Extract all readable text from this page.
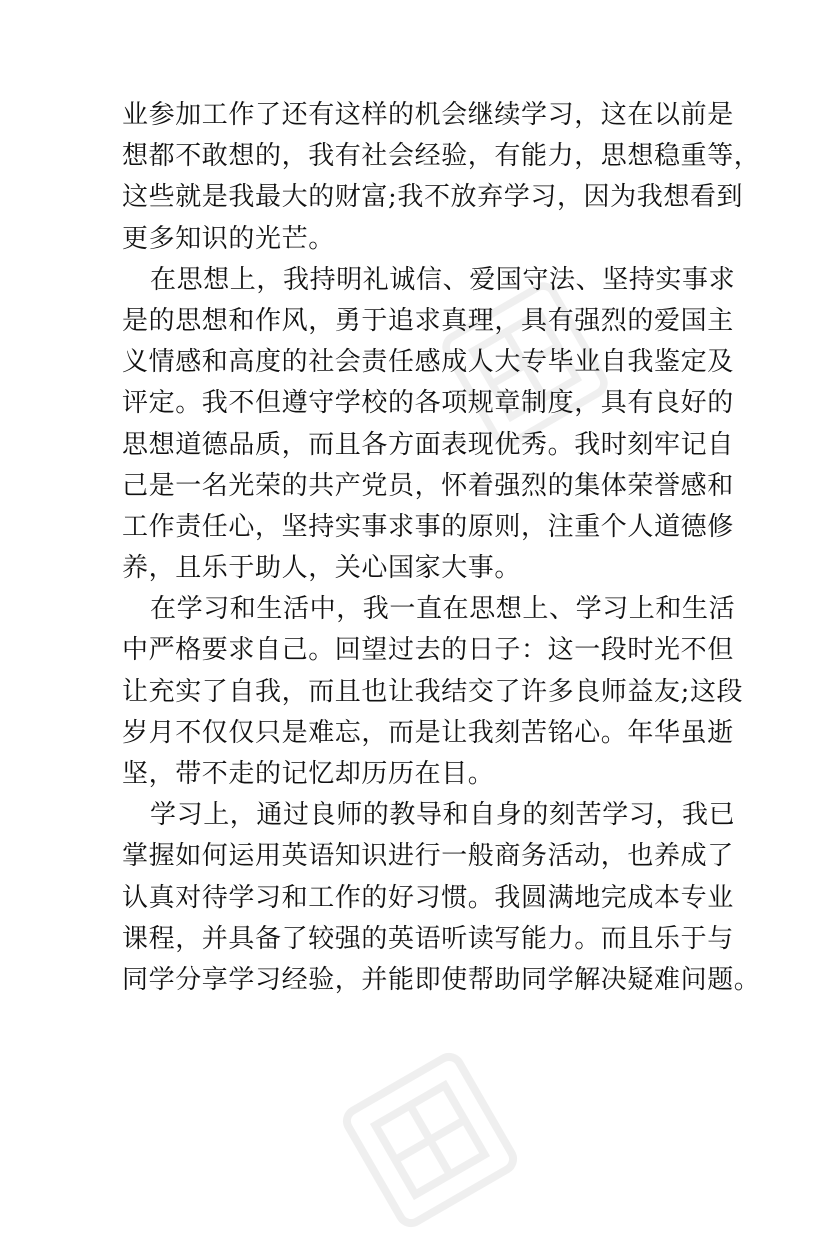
业参加工作了还有这样的机会继续学习，这在以前是
想都不敢想的，我有社会经验，有能力，思想稳重等，
这些就是我最大的财富;我不放弃学习，因为我想看到
更多知识的光芒。
在思想上，我持明礼诚信、爱国守法、坚持实事求
是的思想和作风，勇于追求真理，具有强烈的爱国主
义情感和高度的社会责任感成人大专毕业自我鉴定及
评定。我不但遵守学校的各项规章制度，具有良好的
思想道德品质，而且各方面表现优秀。我时刻牢记自
己是一名光荣的共产党员，怀着强烈的集体荣誉感和
工作责任心，坚持实事求事的原则，注重个人道德修
养，且乐于助人，关心国家大事。
在学习和生活中，我一直在思想上、学习上和生活
中严格要求自己。回望过去的日子：这一段时光不但
让充实了自我，而且也让我结交了许多良师益友;这段
岁月不仅仅只是难忘，而是让我刻苦铭心。年华虽逝
坚，带不走的记忆却历历在目。
学习上，通过良师的教导和自身的刻苦学习，我已
掌握如何运用英语知识进行一般商务活动，也养成了
认真对待学习和工作的好习惯。我圆满地完成本专业
课程，并具备了较强的英语听读写能力。而且乐于与
同学分享学习经验，并能即使帮助同学解决疑难问题。
